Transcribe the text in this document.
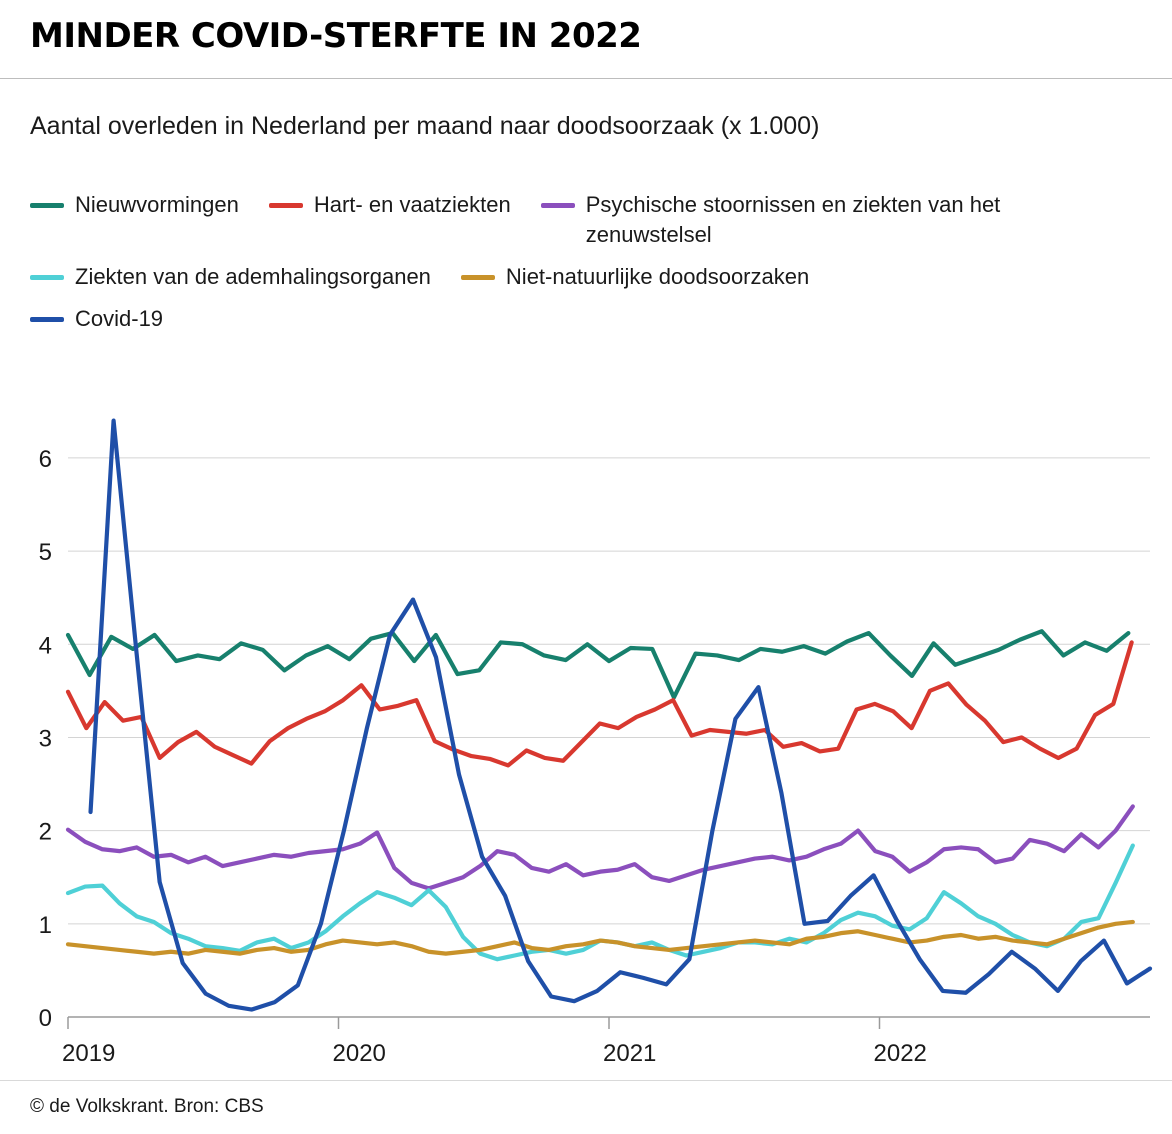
MINDER COVID-STERFTE IN 2022
Aantal overleden in Nederland per maand naar doodsoorzaak (x 1.000)
Nieuwvormingen	Hart- en vaatziekten	Psychische stoornissen en ziekten van het zenuwstelsel
Ziekten van de ademhalingsorganen	Niet-natuurlijke doodsoorzaken
Covid-19
0
1
2
3
4
5
6
2019	2020	2021	2022
© de Volkskrant. Bron: CBS
